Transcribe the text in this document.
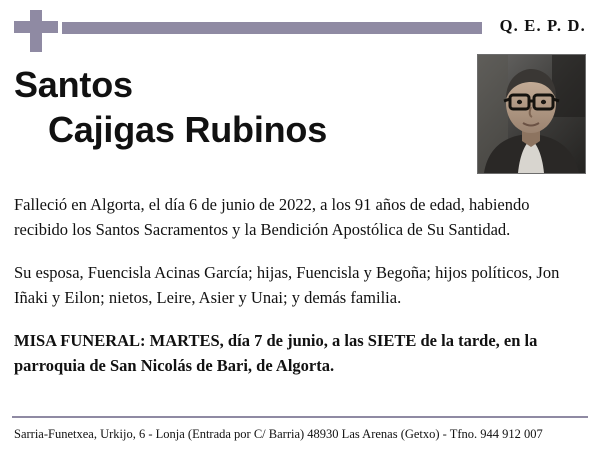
Q. E. P. D.
Santos
Cajigas Rubinos

Falleció en Algorta, el día 6 de junio de 2022, a los 91 años de edad, habiendo recibido los Santos Sacramentos y la Bendición Apostólica de Su Santidad.

Su esposa, Fuencisla Acinas García; hijas, Fuencisla y Begoña; hijos políticos, Jon Iñaki y Eilon; nietos, Leire, Asier y Unai; y demás familia.

MISA FUNERAL: MARTES, día 7 de junio, a las SIETE de la tarde, en la parroquia de San Nicolás de Bari, de Algorta.

Sarria-Funetxea, Urkijo, 6 - Lonja (Entrada por C/ Barria) 48930 Las Arenas (Getxo) - Tfno. 944 912 007
